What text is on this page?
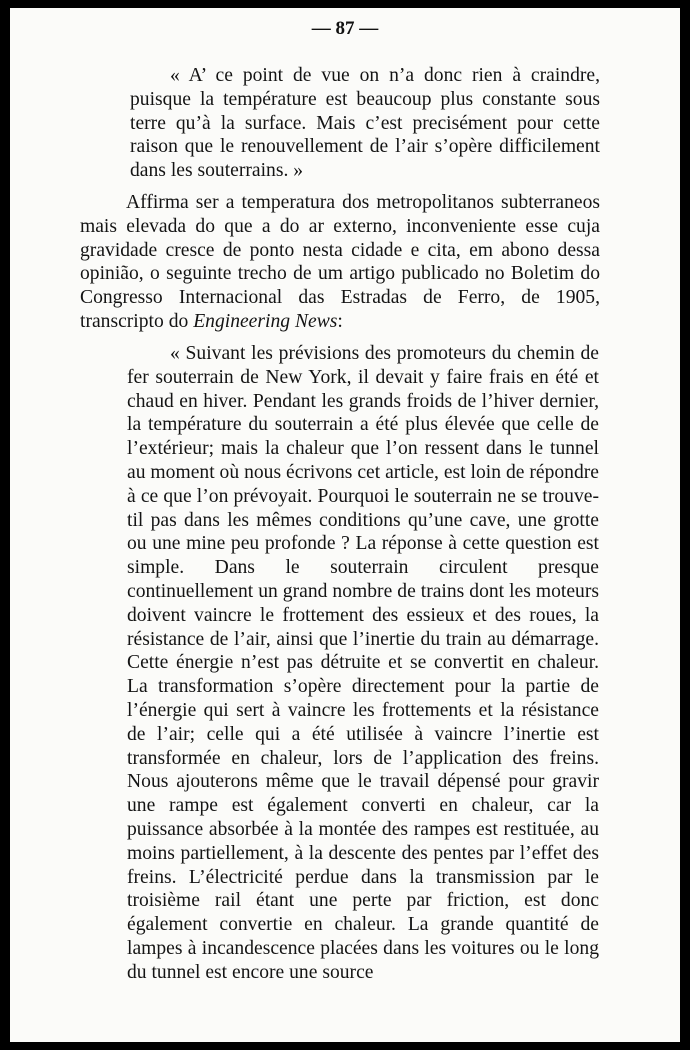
— 87 —

« A’ ce point de vue on n’a donc rien à craindre, puisque la température est beaucoup plus constante sous terre qu’à la surface. Mais c’est precisément pour cette raison que le renouvellement de l’air s’opère difficilement dans les souterrains. »

Affirma ser a temperatura dos metropolitanos subterraneos mais elevada do que a do ar externo, inconveniente esse cuja gravidade cresce de ponto nesta cidade e cita, em abono dessa opinião, o seguinte trecho de um artigo publicado no Boletim do Congresso Internacional das Estradas de Ferro, de 1905, transcripto do Engineering News:

« Suivant les prévisions des promoteurs du chemin de fer souterrain de New York, il devait y faire frais en été et chaud en hiver. Pendant les grands froids de l’hiver dernier, la température du souterrain a été plus élevée que celle de l’extérieur; mais la chaleur que l’on ressent dans le tunnel au moment où nous écrivons cet article, est loin de répondre à ce que l’on prévoyait. Pourquoi le souterrain ne se trouve-til pas dans les mêmes conditions qu’une cave, une grotte ou une mine peu profonde ? La réponse à cette question est simple. Dans le souterrain circulent presque continuellement un grand nombre de trains dont les moteurs doivent vaincre le frottement des essieux et des roues, la résistance de l’air, ainsi que l’inertie du train au démarrage. Cette énergie n’est pas détruite et se convertit en chaleur. La transformation s’opère directement pour la partie de l’énergie qui sert à vaincre les frottements et la résistance de l’air; celle qui a été utilisée à vaincre l’inertie est transformée en chaleur, lors de l’application des freins. Nous ajouterons même que le travail dépensé pour gravir une rampe est également converti en chaleur, car la puissance absorbée à la montée des rampes est restituée, au moins partiellement, à la descente des pentes par l’effet des freins. L’électricité perdue dans la transmission par le troisième rail étant une perte par friction, est donc également convertie en chaleur. La grande quantité de lampes à incandescence placées dans les voitures ou le long du tunnel est encore une source
